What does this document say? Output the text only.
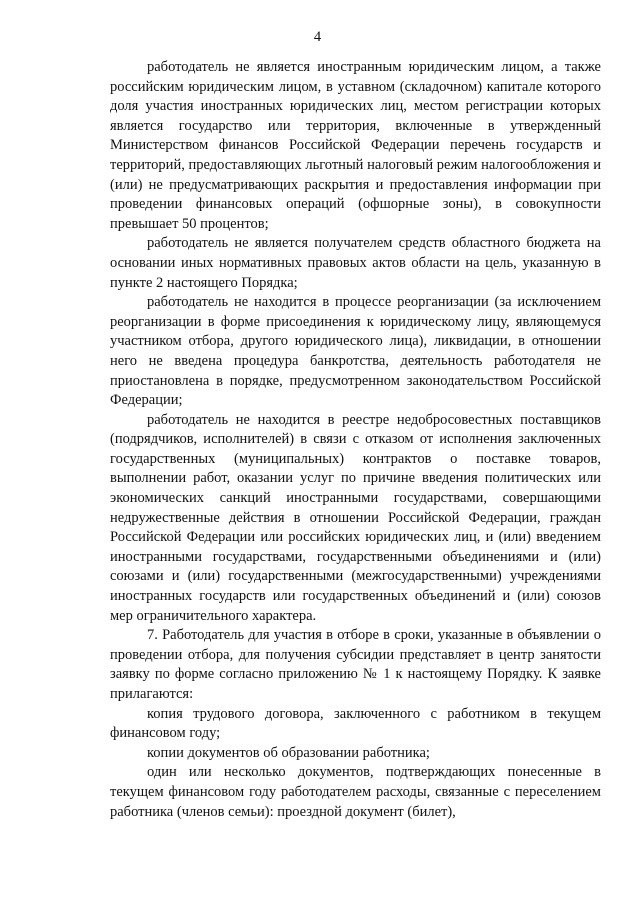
4

работодатель не является иностранным юридическим лицом, а также российским юридическим лицом, в уставном (складочном) капитале которого доля участия иностранных юридических лиц, местом регистрации которых является государство или территория, включенные в утвержденный Министерством финансов Российской Федерации перечень государств и территорий, предоставляющих льготный налоговый режим налогообложения и (или) не предусматривающих раскрытия и предоставления информации при проведении финансовых операций (офшорные зоны), в совокупности превышает 50 процентов;

работодатель не является получателем средств областного бюджета на основании иных нормативных правовых актов области на цель, указанную в пункте 2 настоящего Порядка;

работодатель не находится в процессе реорганизации (за исключением реорганизации в форме присоединения к юридическому лицу, являющемуся участником отбора, другого юридического лица), ликвидации, в отношении него не введена процедура банкротства, деятельность работодателя не приостановлена в порядке, предусмотренном законодательством Российской Федерации;

работодатель не находится в реестре недобросовестных поставщиков (подрядчиков, исполнителей) в связи с отказом от исполнения заключенных государственных (муниципальных) контрактов о поставке товаров, выполнении работ, оказании услуг по причине введения политических или экономических санкций иностранными государствами, совершающими недружественные действия в отношении Российской Федерации, граждан Российской Федерации или российских юридических лиц, и (или) введением иностранными государствами, государственными объединениями и (или) союзами и (или) государственными (межгосударственными) учреждениями иностранных государств или государственных объединений и (или) союзов мер ограничительного характера.

7. Работодатель для участия в отборе в сроки, указанные в объявлении о проведении отбора, для получения субсидии представляет в центр занятости заявку по форме согласно приложению № 1 к настоящему Порядку. К заявке прилагаются:

копия трудового договора, заключенного с работником в текущем финансовом году;

копии документов об образовании работника;

один или несколько документов, подтверждающих понесенные в текущем финансовом году работодателем расходы, связанные с переселением работника (членов семьи): проездной документ (билет),
